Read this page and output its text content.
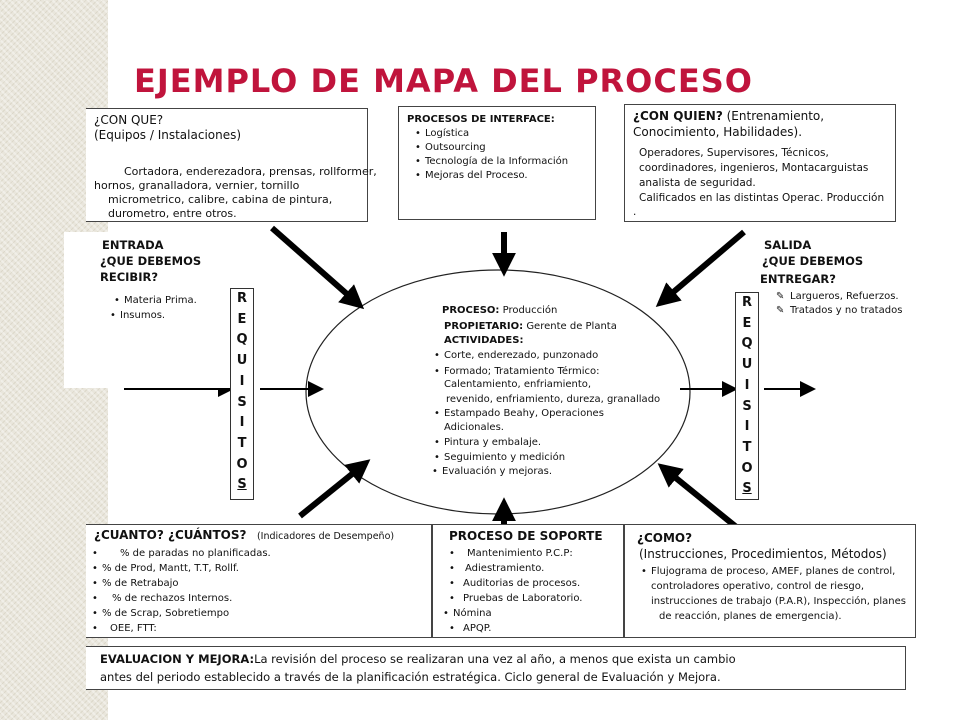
EJEMPLO DE MAPA DEL PROCESO
¿CON QUE?
(Equipos / Instalaciones)
Cortadora, enderezadora, prensas, rollformer,
hornos, granalladora, vernier, tornillo
micrometrico, calibre, cabina de pintura,
durometro, entre otros.
PROCESOS DE INTERFACE:
• Logística
• Outsourcing
• Tecnología de la Información
• Mejoras del Proceso.
¿CON QUIEN? (Entrenamiento,
Conocimiento, Habilidades).
Operadores, Supervisores, Técnicos,
coordinadores, ingenieros, Montacarguistas
analista de seguridad.
Calificados en las distintas Operac. Producción
.
ENTRADA
¿QUE DEBEMOS
RECIBIR?
• Materia Prima.
• Insumos.
R
E
Q
U
I
S
I
T
O
S
R
E
Q
U
I
S
I
T
O
S
SALIDA
¿QUE DEBEMOS
ENTREGAR?
✎ Largueros, Refuerzos.
✎ Tratados y no tratados
PROCESO: Producción
PROPIETARIO: Gerente de Planta
ACTIVIDADES:
• Corte, enderezado, punzonado
• Formado; Tratamiento Térmico:
Calentamiento, enfriamiento,
revenido, enfriamiento, dureza, granallado
• Estampado Beahy, Operaciones
Adicionales.
• Pintura y embalaje.
• Seguimiento y medición
• Evaluación y mejoras.
¿CUANTO? ¿CUÁNTOS? (Indicadores de Desempeño)
• % de paradas no planificadas.
• % de Prod, Mantt, T.T, Rollf.
• % de Retrabajo
• % de rechazos Internos.
• % de Scrap, Sobretiempo
• OEE, FTT:
PROCESO DE SOPORTE
• Mantenimiento P.C.P:
• Adiestramiento.
• Auditorias de procesos.
• Pruebas de Laboratorio.
• Nómina
• APQP.
¿COMO?
(Instrucciones, Procedimientos, Métodos)
• Flujograma de proceso, AMEF, planes de control,
controladores operativo, control de riesgo,
instrucciones de trabajo (P.A.R), Inspección, planes
de reacción, planes de emergencia).
EVALUACION Y MEJORA:La revisión del proceso se realizaran una vez al año, a menos que exista un cambio
antes del periodo establecido a través de la planificación estratégica. Ciclo general de Evaluación y Mejora.
